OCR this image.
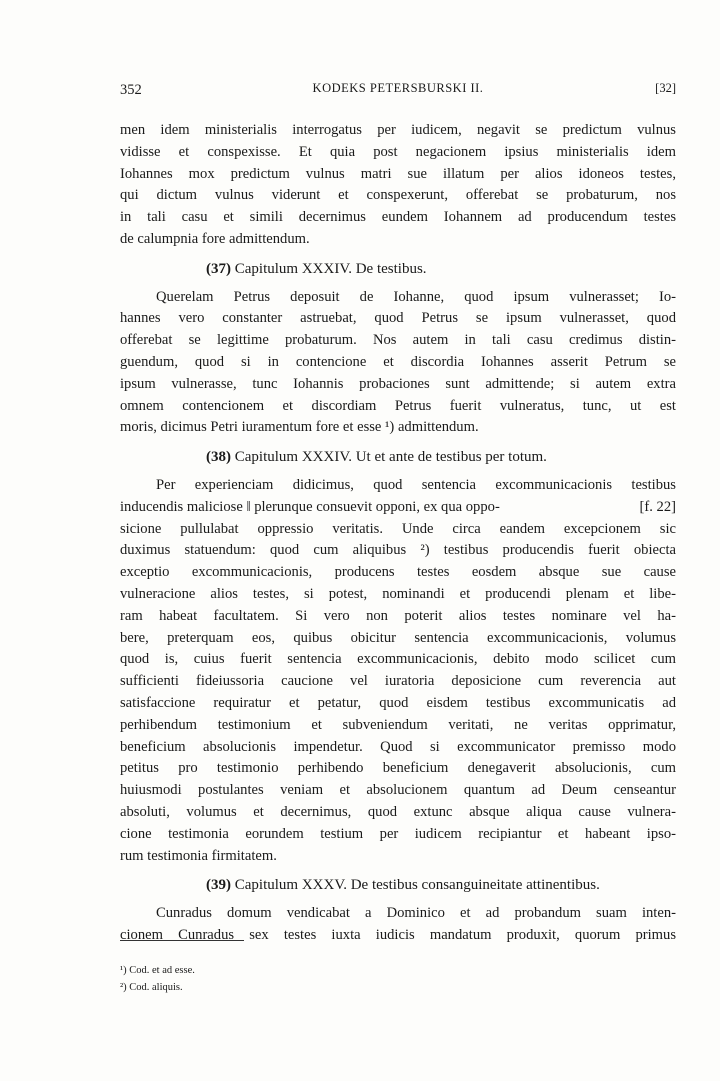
352	KODEKS PETERSBURSKI II.	[32]

men idem ministerialis interrogatus per iudicem, negavit se predictum vulnus
vidisse et conspexisse. Et quia post negacionem ipsius ministerialis idem
Iohannes mox predictum vulnus matri sue illatum per alios idoneos testes,
qui dictum vulnus viderunt et conspexerunt, offerebat se probaturum, nos
in tali casu et simili decernimus eundem Iohannem ad producendum testes
de calumpnia fore admittendum.

(37) Capitulum XXXIV. De testibus.

Querelam Petrus deposuit de Iohanne, quod ipsum vulnerasset; Io-
hannes vero constanter astruebat, quod Petrus se ipsum vulnerasset, quod
offerebat se legittime probaturum. Nos autem in tali casu credimus distin-
guendum, quod si in contencione et discordia Iohannes asserit Petrum se
ipsum vulnerasse, tunc Iohannis probaciones sunt admittende; si autem extra
omnem contencionem et discordiam Petrus fuerit vulneratus, tunc, ut est
moris, dicimus Petri iuramentum fore et esse ¹) admittendum.

(38) Capitulum XXXIV. Ut et ante de testibus per totum.

Per experienciam didicimus, quod sentencia excommunicacionis testibus
inducendis maliciose ‖ plerunque consuevit opponi, ex qua oppo-	[f. 22]
sicione pullulabat oppressio veritatis. Unde circa eandem excepcionem sic
duximus statuendum: quod cum aliquibus ²) testibus producendis fuerit obiecta
exceptio excommunicacionis, producens testes eosdem absque sue cause
vulneracione alios testes, si potest, nominandi et producendi plenam et libe-
ram habeat facultatem. Si vero non poterit alios testes nominare vel ha-
bere, preterquam eos, quibus obicitur sentencia excommunicacionis, volumus
quod is, cuius fuerit sentencia excommunicacionis, debito modo scilicet cum
sufficienti fideiussoria caucione vel iuratoria deposicione cum reverencia aut
satisfaccione requiratur et petatur, quod eisdem testibus excommunicatis ad
perhibendum testimonium et subveniendum veritati, ne veritas opprimatur,
beneficium absolucionis impendetur. Quod si excommunicator premisso modo
petitus pro testimonio perhibendo beneficium denegaverit absolucionis, cum
huiusmodi postulantes veniam et absolucionem quantum ad Deum censeantur
absoluti, volumus et decernimus, quod extunc absque aliqua cause vulnera-
cione testimonia eorundem testium per iudicem recipiantur et habeant ipso-
rum testimonia firmitatem.

(39) Capitulum XXXV. De testibus consanguineitate attinentibus.

Cunradus domum vendicabat a Dominico et ad probandum suam inten-
cionem Cunradus sex testes iuxta iudicis mandatum produxit, quorum primus

¹) Cod. et ad esse.
²) Cod. aliquis.
